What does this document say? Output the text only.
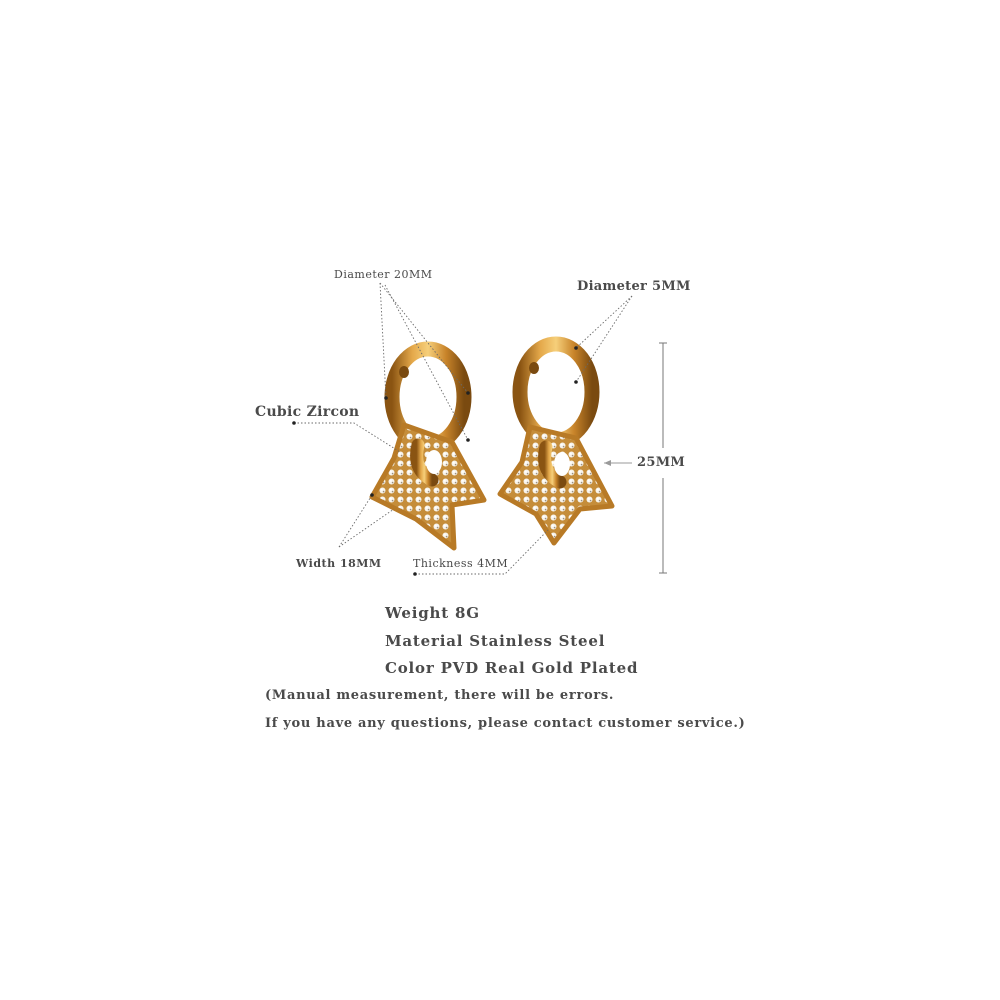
Diameter 20MM
Diameter 5MM
Cubic Zircon
25MM
Width 18MM	Thickness 4MM
Weight 8G
Material Stainless Steel
Color PVD Real Gold Plated
(Manual measurement, there will be errors.
If you have any questions, please contact customer service.)
